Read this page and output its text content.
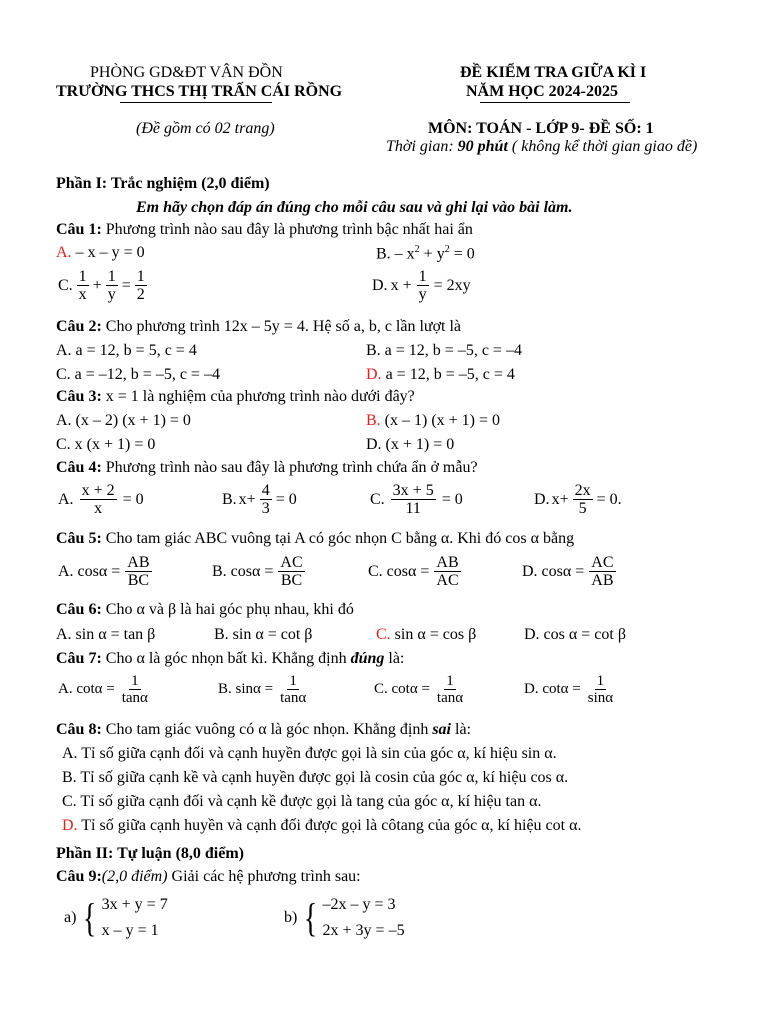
PHÒNG GD&ĐT VÂN ĐỒN
TRƯỜNG THCS THỊ TRẤN CÁI RỒNG
ĐỀ KIỂM TRA GIỮA KÌ I
NĂM HỌC 2024-2025
(Đề gồm có 02 trang)	MÔN: TOÁN - LỚP 9- ĐỀ SỐ: 1
Thời gian: 90 phút ( không kể thời gian giao đề)
Phần I: Trắc nghiệm (2,0 điểm)
Em hãy chọn đáp án đúng cho mỗi câu sau và ghi lại vào bài làm.
Câu 1: Phương trình nào sau đây là phương trình bậc nhất hai ẩn
A. – x – y = 0	B. – $x^2 + y^2 = 0$
C. $\frac{1}{x} + \frac{1}{y} = \frac{1}{2}$	D. $x + \frac{1}{y} = 2xy$
Câu 2: Cho phương trình 12x – 5y = 4. Hệ số a, b, c lần lượt là
A. a = 12, b = 5, c = 4	B. a = 12, b = –5, c = –4
C. a = –12, b = –5, c = –4	D. a = 12, b = –5, c = 4
Câu 3: x = 1 là nghiệm của phương trình nào dưới đây?
A. (x – 2) (x + 1) = 0	B. (x – 1) (x + 1) = 0
C. x (x + 1) = 0	D. (x + 1) = 0
Câu 4: Phương trình nào sau đây là phương trình chứa ẩn ở mẫu?
A. $\frac{x + 2}{x} = 0$	B. $x+ \frac{4}{3} = 0$	C. $\frac{3x + 5}{11} = 0$	D. $x+ \frac{2x}{5} = 0$.
Câu 5: Cho tam giác ABC vuông tại A có góc nhọn C bằng α. Khi đó cos α bằng
A. $\cos\alpha = \frac{AB}{BC}$	B. $\cos\alpha = \frac{AC}{BC}$	C. $\cos\alpha = \frac{AB}{AC}$	D. $\cos\alpha = \frac{AC}{AB}$
Câu 6: Cho α và β là hai góc phụ nhau, khi đó
A. sin α = tan β	B. sin α = cot β	C. sin α = cos β	D. cos α = cot β
Câu 7: Cho α là góc nhọn bất kì. Khẳng định đúng là:
A. $\cot\alpha = \frac{1}{\tan\alpha}$	B. $\sin\alpha = \frac{1}{\tan\alpha}$	C. $\cot\alpha = \frac{1}{\tan\alpha}$	D. $\cot\alpha = \frac{1}{\sin\alpha}$
Câu 8: Cho tam giác vuông có α là góc nhọn. Khẳng định sai là:
A. Tỉ số giữa cạnh đối và cạnh huyền được gọi là sin của góc α, kí hiệu sin α.
B. Tỉ số giữa cạnh kề và cạnh huyền được gọi là cosin của góc α, kí hiệu cos α.
C. Tỉ số giữa cạnh đối và cạnh kề được gọi là tang của góc α, kí hiệu tan α.
D. Tỉ số giữa cạnh huyền và cạnh đối được gọi là côtang của góc α, kí hiệu cot α.
Phần II: Tự luận (8,0 điểm)
Câu 9:(2,0 điểm) Giải các hệ phương trình sau:
a) { 3x + y = 7
x – y = 1
b) { –2x – y = 3
2x + 3y = –5
